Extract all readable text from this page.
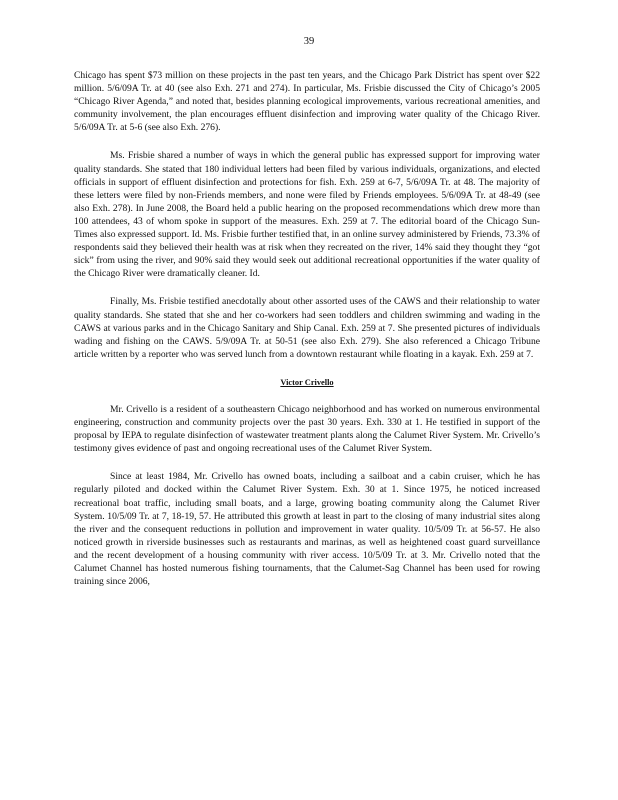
39

Chicago has spent $73 million on these projects in the past ten years, and the Chicago Park District has spent over $22 million. 5/6/09A Tr. at 40 (see also Exh. 271 and 274). In particular, Ms. Frisbie discussed the City of Chicago’s 2005 “Chicago River Agenda,” and noted that, besides planning ecological improvements, various recreational amenities, and community involvement, the plan encourages effluent disinfection and improving water quality of the Chicago River. 5/6/09A Tr. at 5-6 (see also Exh. 276).

Ms. Frisbie shared a number of ways in which the general public has expressed support for improving water quality standards. She stated that 180 individual letters had been filed by various individuals, organizations, and elected officials in support of effluent disinfection and protections for fish. Exh. 259 at 6-7, 5/6/09A Tr. at 48. The majority of these letters were filed by non-Friends members, and none were filed by Friends employees. 5/6/09A Tr. at 48-49 (see also Exh. 278). In June 2008, the Board held a public hearing on the proposed recommendations which drew more than 100 attendees, 43 of whom spoke in support of the measures. Exh. 259 at 7. The editorial board of the Chicago Sun-Times also expressed support. Id. Ms. Frisbie further testified that, in an online survey administered by Friends, 73.3% of respondents said they believed their health was at risk when they recreated on the river, 14% said they thought they “got sick” from using the river, and 90% said they would seek out additional recreational opportunities if the water quality of the Chicago River were dramatically cleaner. Id.

Finally, Ms. Frisbie testified anecdotally about other assorted uses of the CAWS and their relationship to water quality standards. She stated that she and her co-workers had seen toddlers and children swimming and wading in the CAWS at various parks and in the Chicago Sanitary and Ship Canal. Exh. 259 at 7. She presented pictures of individuals wading and fishing on the CAWS. 5/9/09A Tr. at 50-51 (see also Exh. 279). She also referenced a Chicago Tribune article written by a reporter who was served lunch from a downtown restaurant while floating in a kayak. Exh. 259 at 7.

Victor Crivello

Mr. Crivello is a resident of a southeastern Chicago neighborhood and has worked on numerous environmental engineering, construction and community projects over the past 30 years. Exh. 330 at 1. He testified in support of the proposal by IEPA to regulate disinfection of wastewater treatment plants along the Calumet River System. Mr. Crivello’s testimony gives evidence of past and ongoing recreational uses of the Calumet River System.

Since at least 1984, Mr. Crivello has owned boats, including a sailboat and a cabin cruiser, which he has regularly piloted and docked within the Calumet River System. Exh. 30 at 1. Since 1975, he noticed increased recreational boat traffic, including small boats, and a large, growing boating community along the Calumet River System. 10/5/09 Tr. at 7, 18-19, 57. He attributed this growth at least in part to the closing of many industrial sites along the river and the consequent reductions in pollution and improvement in water quality. 10/5/09 Tr. at 56-57. He also noticed growth in riverside businesses such as restaurants and marinas, as well as heightened coast guard surveillance and the recent development of a housing community with river access. 10/5/09 Tr. at 3. Mr. Crivello noted that the Calumet Channel has hosted numerous fishing tournaments, that the Calumet-Sag Channel has been used for rowing training since 2006,
